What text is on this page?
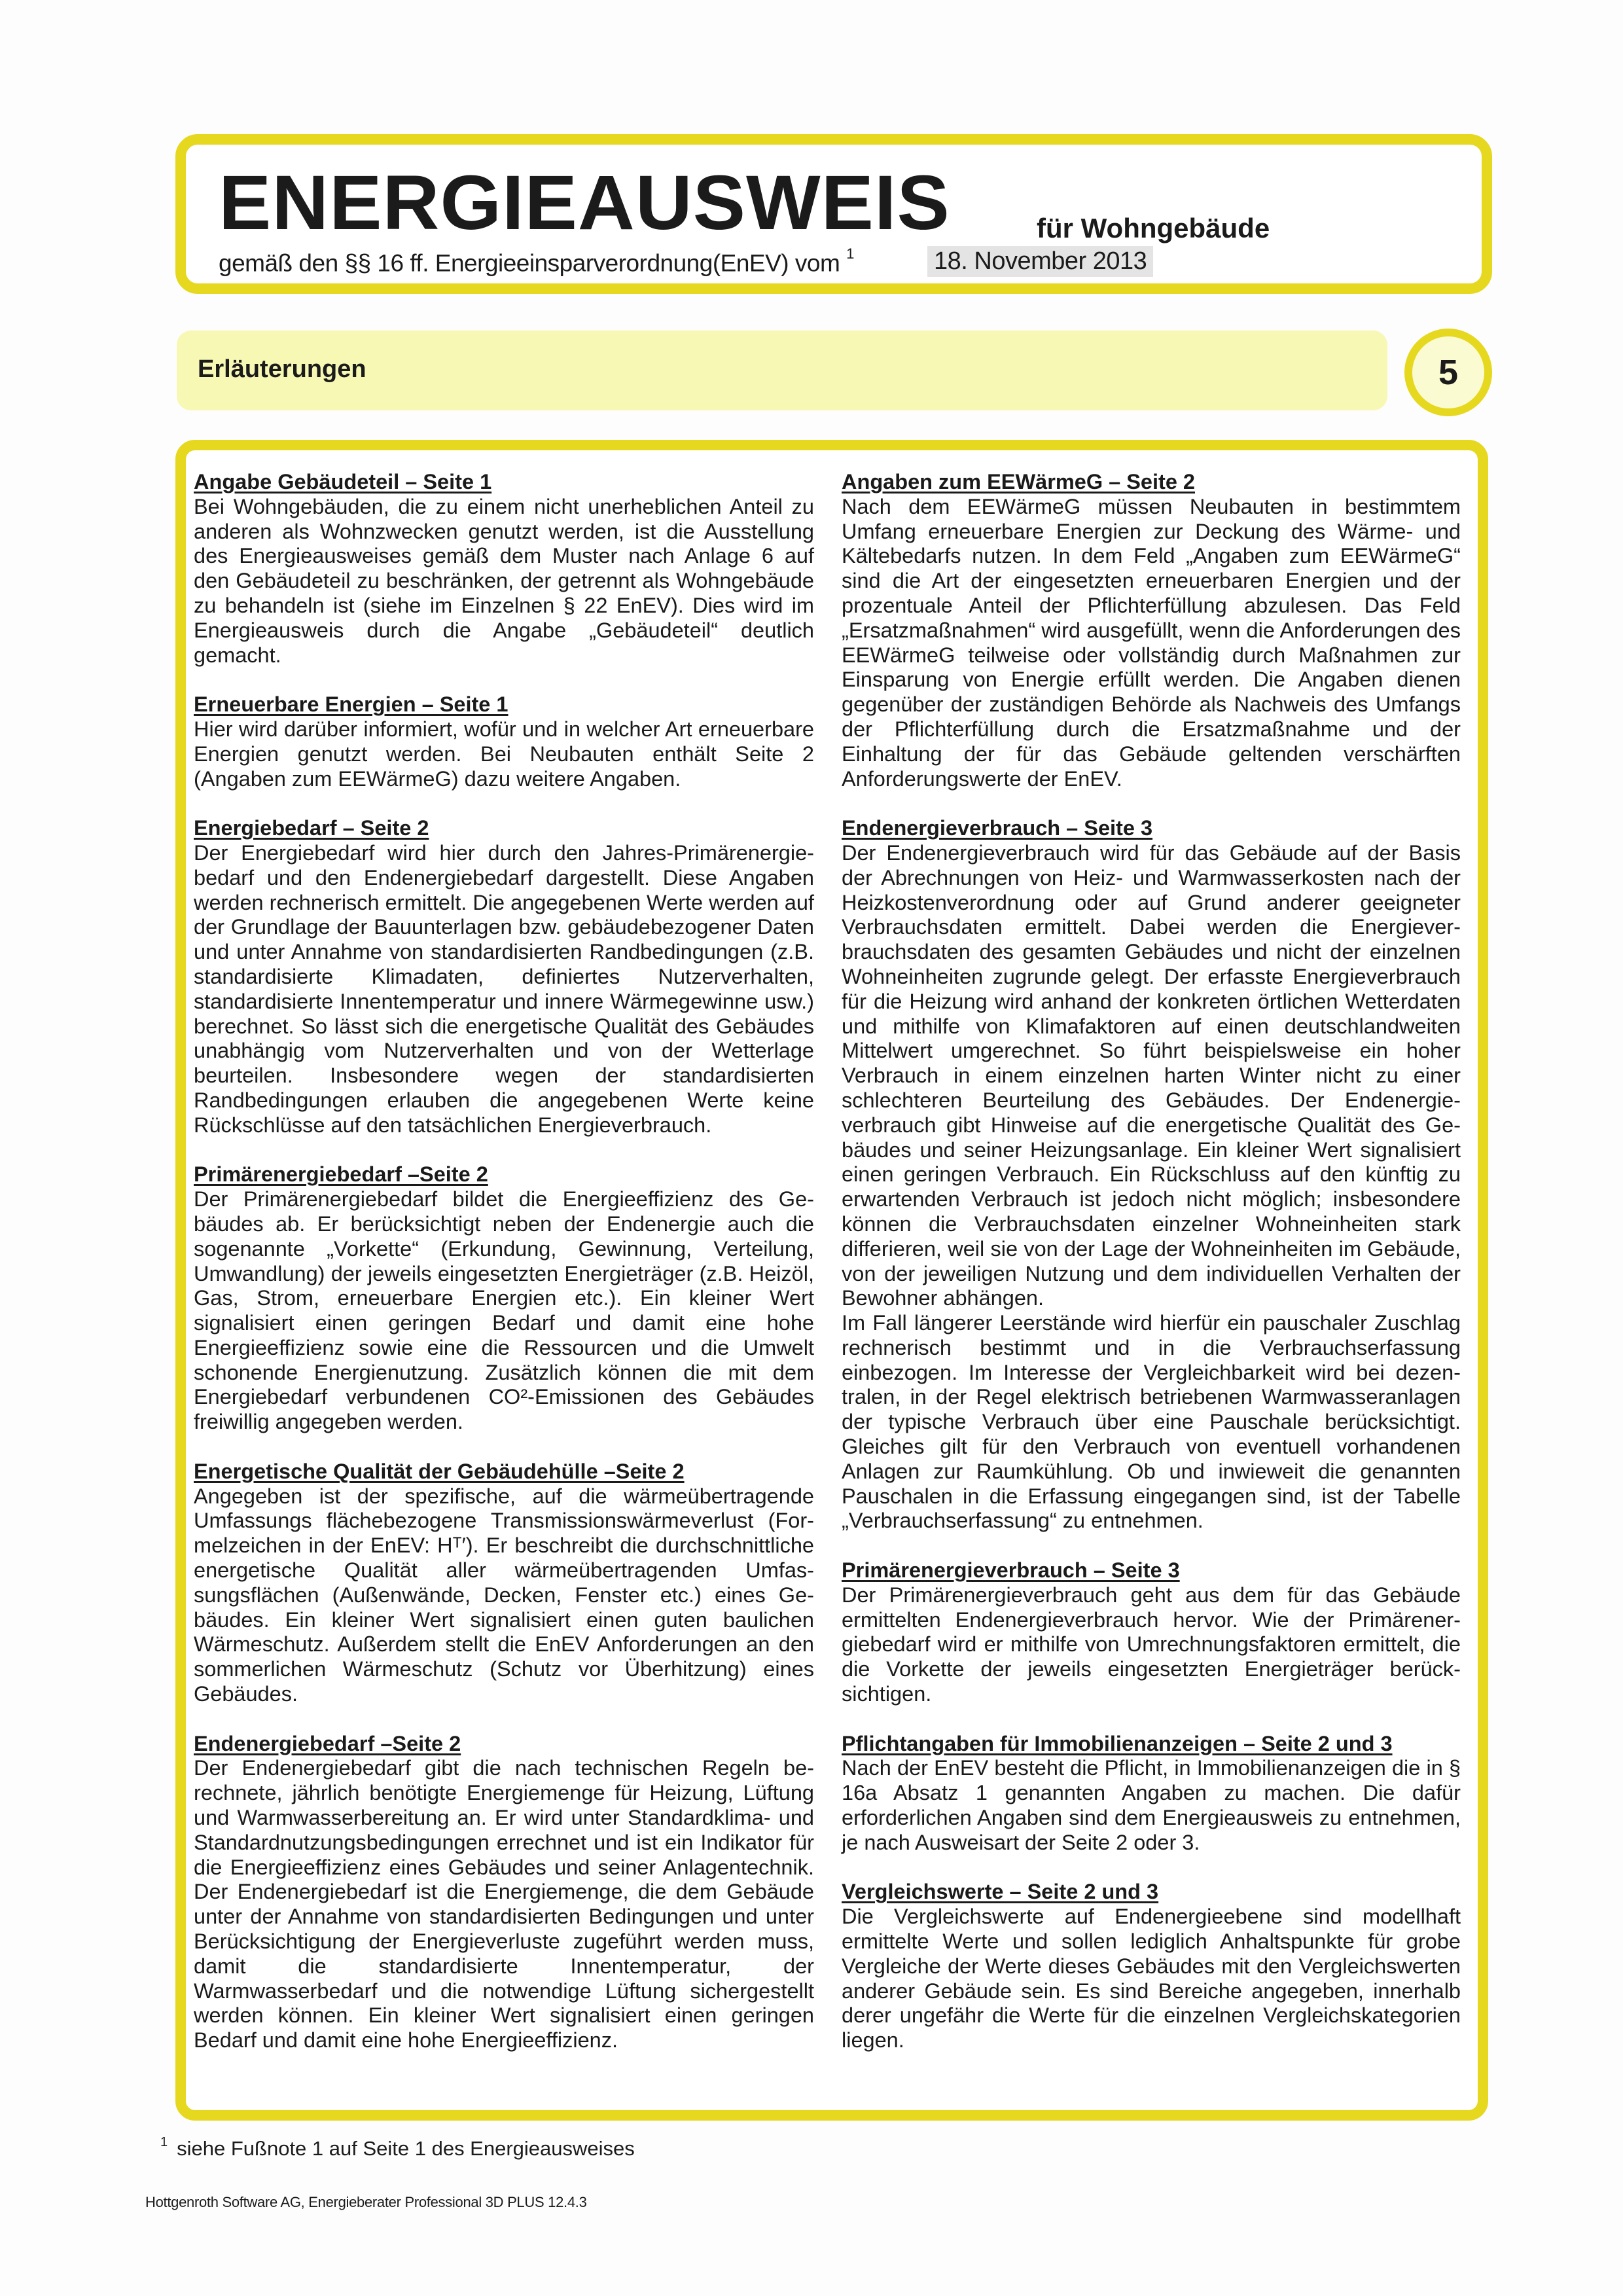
ENERGIEAUSWEIS	für Wohngebäude
gemäß den §§ 16 ff. Energieeinsparverordnung(EnEV) vom $^1$	18. November 2013
Erläuterungen	5
Angabe Gebäudeteil – Seite 1

Bei Wohngebäuden, die zu einem nicht unerheblichen Anteil zu anderen als Wohnzwecken genutzt werden, ist die Ausstellung des Energieausweises gemäß dem Muster nach Anlage 6 auf den Gebäudeteil zu beschränken, der getrennt als Wohngebäude zu behandeln ist (siehe im Einzelnen § 22 EnEV). Dies wird im Energieausweis durch die Angabe „Gebäudeteil“ deutlich gemacht.

Erneuerbare Energien – Seite 1

Hier wird darüber informiert, wofür und in welcher Art erneuerbare Energien genutzt werden. Bei Neubauten enthält Seite 2 (Angaben zum EEWärmeG) dazu weitere Angaben.

Energiebedarf – Seite 2

Der Energiebedarf wird hier durch den Jahres-Primärenergiebedarf und den Endenergiebedarf dargestellt. Diese Angaben werden rechnerisch ermittelt. Die angegebenen Werte werden auf der Grundlage der Bauunterlagen bzw. gebäudebezogener Daten und unter Annahme von standardisierten Randbedingungen (z.B. standardisierte Klimadaten, definiertes Nutzerverhalten, standardisierte Innentemperatur und innere Wärmegewinne usw.) berechnet. So lässt sich die energetische Qualität des Gebäudes unabhängig vom Nutzerverhalten und von der Wetterlage beurteilen. Insbesondere wegen der standardisierten Randbedingungen erlauben die angegebenen Werte keine Rückschlüsse auf den tatsächlichen Energieverbrauch.

Primärenergiebedarf –Seite 2

Der Primärenergiebedarf bildet die Energieeffizienz des Gebäudes ab. Er berücksichtigt neben der Endenergie auch die sogenannte „Vorkette“ (Erkundung, Gewinnung, Verteilung, Umwandlung) der jeweils eingesetzten Energieträger (z.B. Heizöl, Gas, Strom, erneuerbare Energien etc.). Ein kleiner Wert signalisiert einen geringen Bedarf und damit eine hohe Energieeffizienz sowie eine die Ressourcen und die Umwelt schonende Energienutzung. Zusätzlich können die mit dem Energiebedarf verbundenen CO²-Emissionen des Gebäudes freiwillig angegeben werden.

Energetische Qualität der Gebäudehülle –Seite 2

Angegeben ist der spezifische, auf die wärmeübertragende Umfassungs flächebezogene Transmissionswärmeverlust (Formelzeichen in der EnEV: Hᵀ′). Er beschreibt die durchschnittliche energetische Qualität aller wärmeübertragenden Umfassungsflächen (Außenwände, Decken, Fenster etc.) eines Gebäudes. Ein kleiner Wert signalisiert einen guten baulichen Wärmeschutz. Außerdem stellt die EnEV Anforderungen an den sommerlichen Wärmeschutz (Schutz vor Überhitzung) eines Gebäudes.

Endenergiebedarf –Seite 2

Der Endenergiebedarf gibt die nach technischen Regeln berechnete, jährlich benötigte Energiemenge für Heizung, Lüftung und Warmwasserbereitung an. Er wird unter Standardklima- und Standardnutzungsbedingungen errechnet und ist ein Indikator für die Energieeffizienz eines Gebäudes und seiner Anlagentechnik. Der Endenergiebedarf ist die Energiemenge, die dem Gebäude unter der Annahme von standardisierten Bedingungen und unter Berücksichtigung der Energieverluste zugeführt werden muss, damit die standardisierte Innentemperatur, der Warmwasserbedarf und die notwendige Lüftung sichergestellt werden können. Ein kleiner Wert signalisiert einen geringen Bedarf und damit eine hohe Energieeffizienz.

Angaben zum EEWärmeG – Seite 2

Nach dem EEWärmeG müssen Neubauten in bestimmtem Umfang erneuerbare Energien zur Deckung des Wärme- und Kältebedarfs nutzen. In dem Feld „Angaben zum EEWärmeG“ sind die Art der eingesetzten erneuerbaren Energien und der prozentuale Anteil der Pflichterfüllung abzulesen. Das Feld „Ersatzmaßnahmen“ wird ausgefüllt, wenn die Anforderungen des EEWärmeG teilweise oder vollständig durch Maßnahmen zur Einsparung von Energie erfüllt werden. Die Angaben dienen gegenüber der zuständigen Behörde als Nachweis des Umfangs der Pflichterfüllung durch die Ersatzmaßnahme und der Einhaltung der für das Gebäude geltenden verschärften Anforderungswerte der EnEV.

Endenergieverbrauch – Seite 3

Der Endenergieverbrauch wird für das Gebäude auf der Basis der Abrechnungen von Heiz- und Warmwasserkosten nach der Heizkostenverordnung oder auf Grund anderer geeigneter Verbrauchsdaten ermittelt. Dabei werden die Energieverbrauchsdaten des gesamten Gebäudes und nicht der einzelnen Wohneinheiten zugrunde gelegt. Der erfasste Energieverbrauch für die Heizung wird anhand der konkreten örtlichen Wetterdaten und mithilfe von Klimafaktoren auf einen deutschlandweiten Mittelwert umgerechnet. So führt beispielsweise ein hoher Verbrauch in einem einzelnen harten Winter nicht zu einer schlechteren Beurteilung des Gebäudes. Der Endenergieverbrauch gibt Hinweise auf die energetische Qualität des Gebäudes und seiner Heizungsanlage. Ein kleiner Wert signalisiert einen geringen Verbrauch. Ein Rückschluss auf den künftig zu erwartenden Verbrauch ist jedoch nicht möglich; insbesondere können die Verbrauchsdaten einzelner Wohneinheiten stark differieren, weil sie von der Lage der Wohneinheiten im Gebäude, von der jeweiligen Nutzung und dem individuellen Verhalten der Bewohner abhängen.

Im Fall längerer Leerstände wird hierfür ein pauschaler Zuschlag rechnerisch bestimmt und in die Verbrauchserfassung einbezogen. Im Interesse der Vergleichbarkeit wird bei dezentralen, in der Regel elektrisch betriebenen Warmwasseranlagen der typische Verbrauch über eine Pauschale berücksichtigt. Gleiches gilt für den Verbrauch von eventuell vorhandenen Anlagen zur Raumkühlung. Ob und inwieweit die genannten Pauschalen in die Erfassung eingegangen sind, ist der Tabelle „Verbrauchserfassung“ zu entnehmen.

Primärenergieverbrauch – Seite 3

Der Primärenergieverbrauch geht aus dem für das Gebäude ermittelten Endenergieverbrauch hervor. Wie der Primärenergiebedarf wird er mithilfe von Umrechnungsfaktoren ermittelt, die die Vorkette der jeweils eingesetzten Energieträger berücksichtigen.

Pflichtangaben für Immobilienanzeigen – Seite 2 und 3

Nach der EnEV besteht die Pflicht, in Immobilienanzeigen die in § 16a Absatz 1 genannten Angaben zu machen. Die dafür erforderlichen Angaben sind dem Energieausweis zu entnehmen, je nach Ausweisart der Seite 2 oder 3.

Vergleichswerte – Seite 2 und 3

Die Vergleichswerte auf Endenergieebene sind modellhaft ermittelte Werte und sollen lediglich Anhaltspunkte für grobe Vergleiche der Werte dieses Gebäudes mit den Vergleichswerten anderer Gebäude sein. Es sind Bereiche angegeben, innerhalb derer ungefähr die Werte für die einzelnen Vergleichskategorien liegen.

$^1$ siehe Fußnote 1 auf Seite 1 des Energieausweises
Hottgenroth Software AG, Energieberater Professional 3D PLUS 12.4.3
